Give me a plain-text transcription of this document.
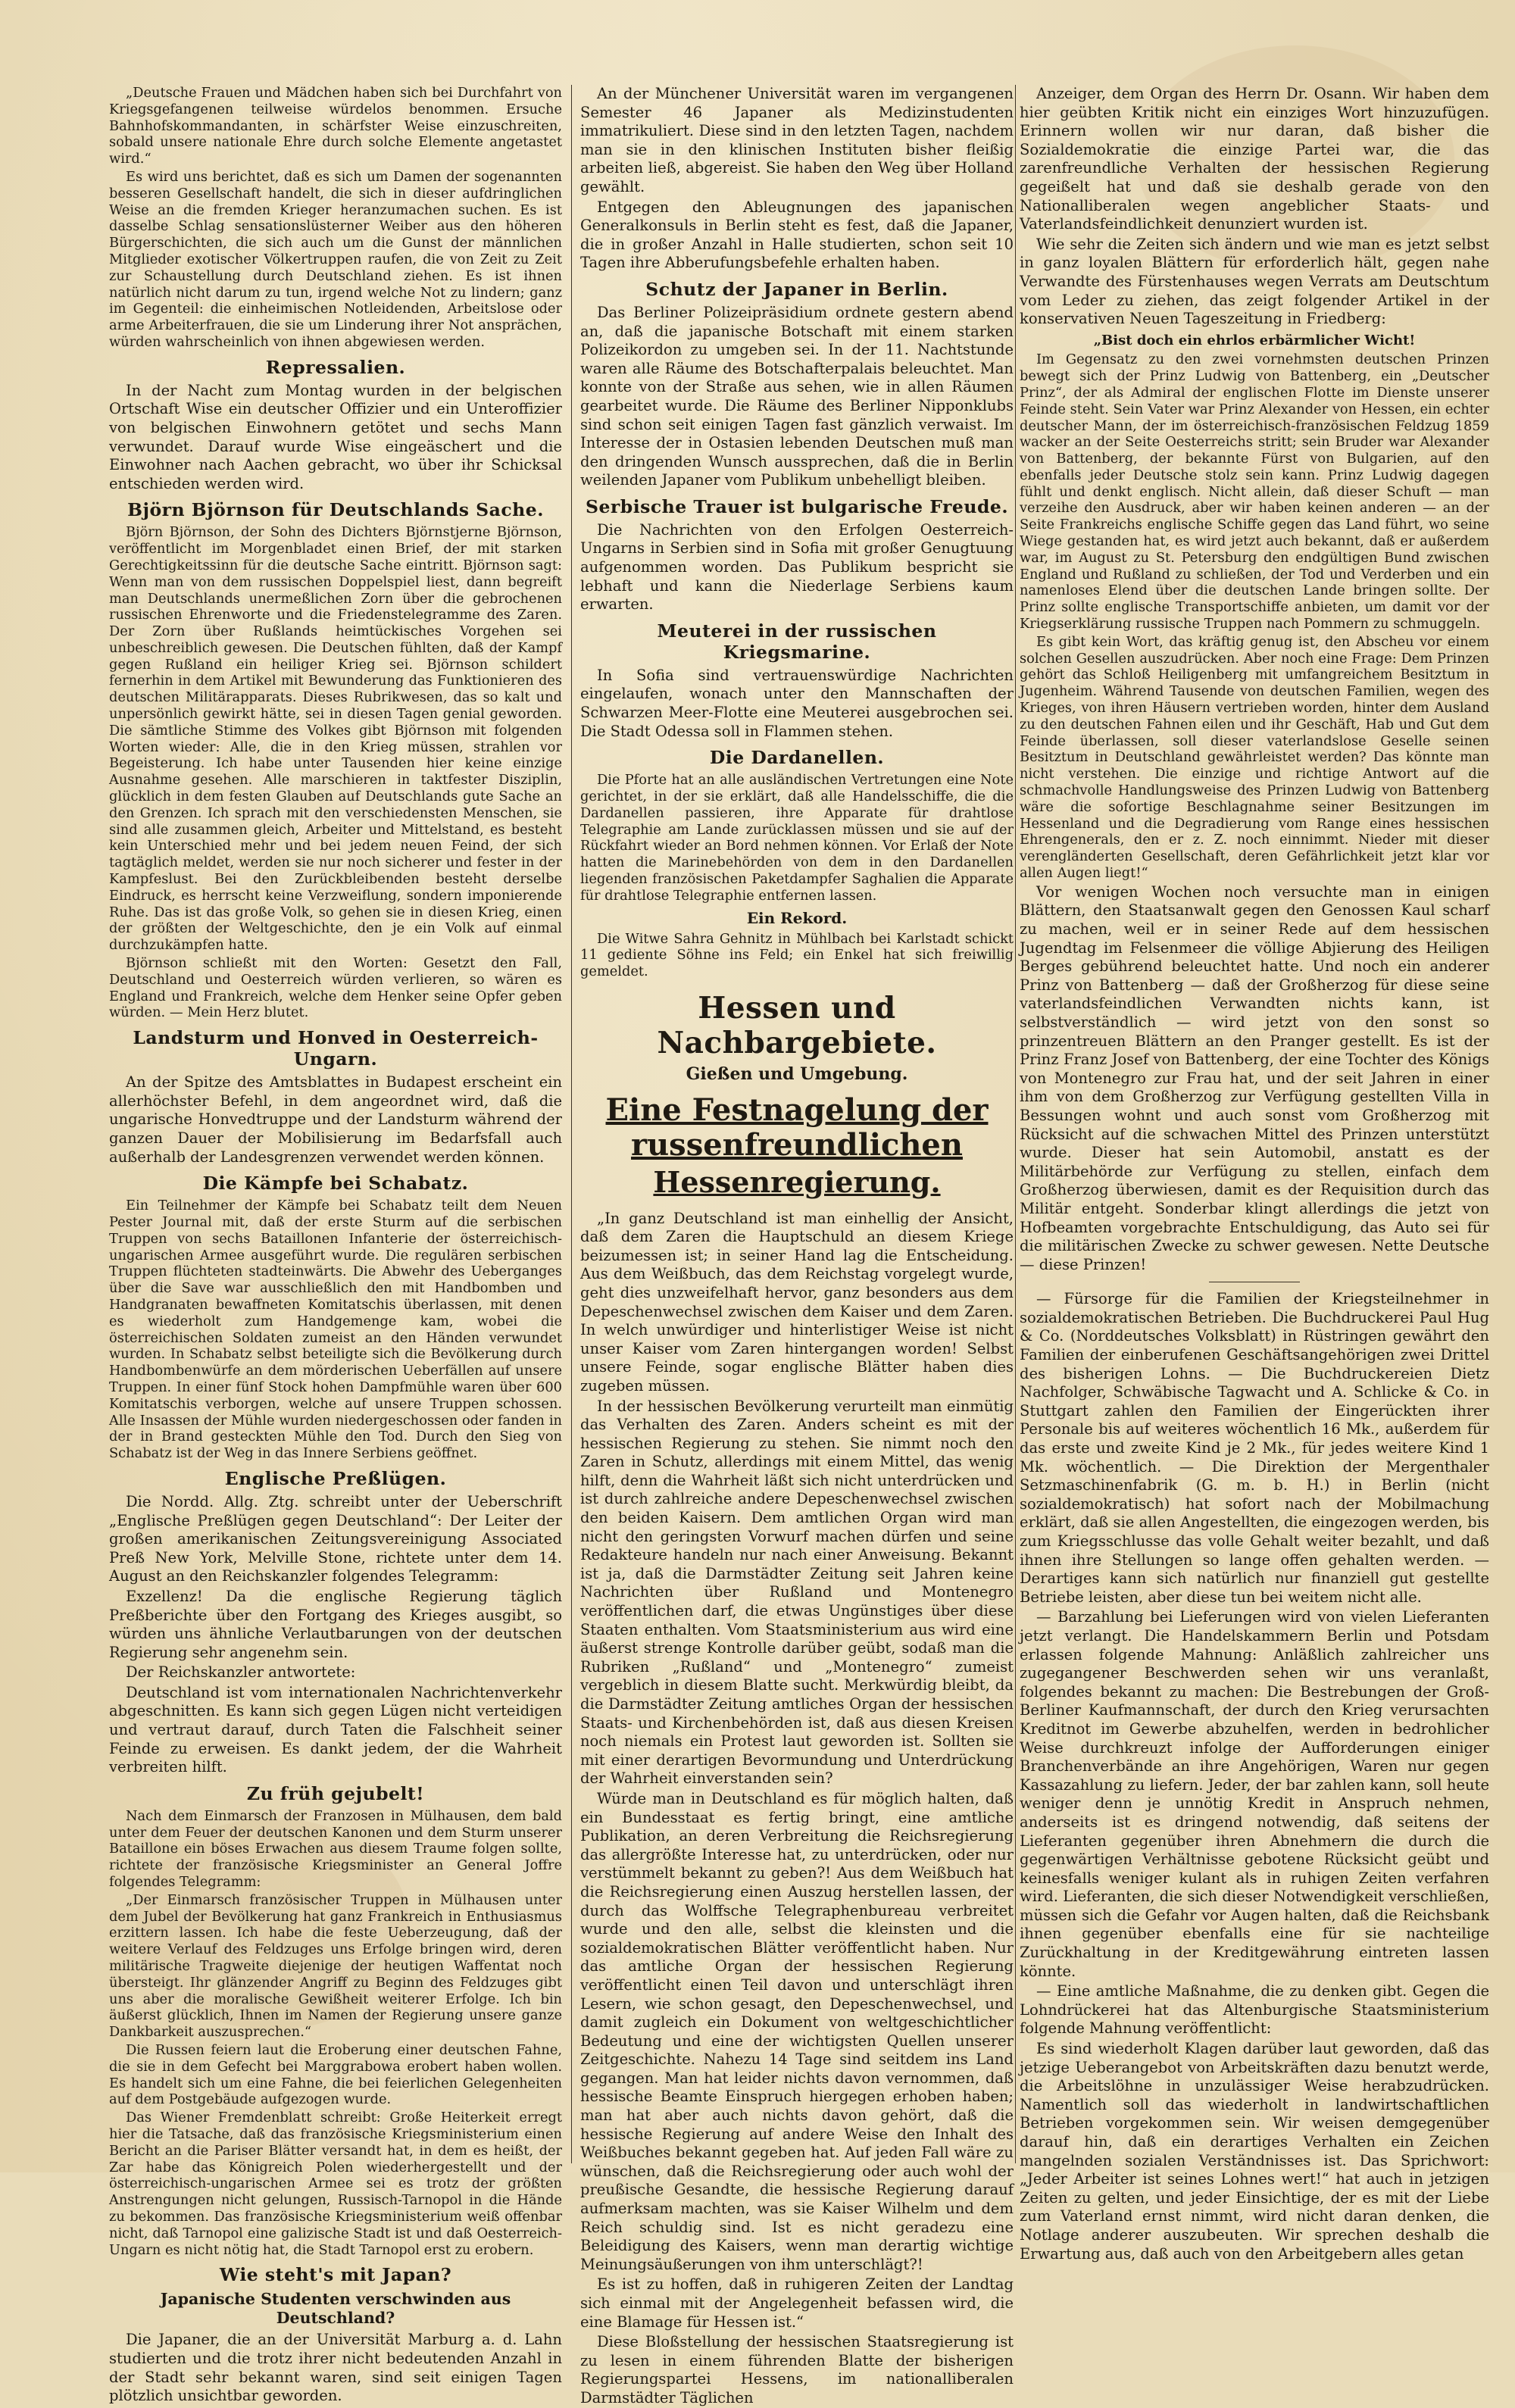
„Deutsche Frauen und Mädchen haben sich bei Durchfahrt von Kriegsgefangenen teilweise würdelos benommen. Ersuche Bahnhofskommandanten, in schärfster Weise einzuschreiten, sobald unsere nationale Ehre durch solche Elemente angetastet wird.“

Es wird uns berichtet, daß es sich um Damen der sogenannten besseren Gesellschaft handelt, die sich in dieser aufdringlichen Weise an die fremden Krieger heranzumachen suchen. Es ist dasselbe Schlag sensationslüsterner Weiber aus den höheren Bürgerschichten, die sich auch um die Gunst der männlichen Mitglieder exotischer Völkertruppen raufen, die von Zeit zu Zeit zur Schaustellung durch Deutschland ziehen. Es ist ihnen natürlich nicht darum zu tun, irgend welche Not zu lindern; ganz im Gegenteil: die einheimischen Notleidenden, Arbeitslose oder arme Arbeiterfrauen, die sie um Linderung ihrer Not ansprächen, würden wahrscheinlich von ihnen abgewiesen werden.

Repressalien.

In der Nacht zum Montag wurden in der belgischen Ortschaft Wise ein deutscher Offizier und ein Unteroffizier von belgischen Einwohnern getötet und sechs Mann verwundet. Darauf wurde Wise eingeäschert und die Einwohner nach Aachen gebracht, wo über ihr Schicksal entschieden werden wird.

Björn Björnson für Deutschlands Sache.

Björn Björnson, der Sohn des Dichters Björnstjerne Björnson, veröffentlicht im Morgenbladet einen Brief, der mit starken Gerechtigkeitssinn für die deutsche Sache eintritt. Björnson sagt: Wenn man von dem russischen Doppelspiel liest, dann begreift man Deutschlands unermeßlichen Zorn über die gebrochenen russischen Ehrenworte und die Friedenstelegramme des Zaren. Der Zorn über Rußlands heimtückisches Vorgehen sei unbeschreiblich gewesen. Die Deutschen fühlten, daß der Kampf gegen Rußland ein heiliger Krieg sei. Björnson schildert fernerhin in dem Artikel mit Bewunderung das Funktionieren des deutschen Militärapparats. Dieses Rubrikwesen, das so kalt und unpersönlich gewirkt hätte, sei in diesen Tagen genial geworden. Die sämtliche Stimme des Volkes gibt Björnson mit folgenden Worten wieder: Alle, die in den Krieg müssen, strahlen vor Begeisterung. Ich habe unter Tausenden hier keine einzige Ausnahme gesehen. Alle marschieren in taktfester Disziplin, glücklich in dem festen Glauben auf Deutschlands gute Sache an den Grenzen. Ich sprach mit den verschiedensten Menschen, sie sind alle zusammen gleich, Arbeiter und Mittelstand, es besteht kein Unterschied mehr und bei jedem neuen Feind, der sich tagtäglich meldet, werden sie nur noch sicherer und fester in der Kampfeslust. Bei den Zurückbleibenden besteht derselbe Eindruck, es herrscht keine Verzweiflung, sondern imponierende Ruhe. Das ist das große Volk, so gehen sie in diesen Krieg, einen der größten der Weltgeschichte, den je ein Volk auf einmal durchzukämpfen hatte.

Björnson schließt mit den Worten: Gesetzt den Fall, Deutschland und Oesterreich würden verlieren, so wären es England und Frankreich, welche dem Henker seine Opfer geben würden. — Mein Herz blutet.

Landsturm und Honved in Oesterreich-Ungarn.

An der Spitze des Amtsblattes in Budapest erscheint ein allerhöchster Befehl, in dem angeordnet wird, daß die ungarische Honvedtruppe und der Landsturm während der ganzen Dauer der Mobilisierung im Bedarfsfall auch außerhalb der Landesgrenzen verwendet werden können.

Die Kämpfe bei Schabatz.

Ein Teilnehmer der Kämpfe bei Schabatz teilt dem Neuen Pester Journal mit, daß der erste Sturm auf die serbischen Truppen von sechs Bataillonen Infanterie der österreichisch-ungarischen Armee ausgeführt wurde. Die regulären serbischen Truppen flüchteten stadteinwärts. Die Abwehr des Ueberganges über die Save war ausschließlich den mit Handbomben und Handgranaten bewaffneten Komitatschis überlassen, mit denen es wiederholt zum Handgemenge kam, wobei die österreichischen Soldaten zumeist an den Händen verwundet wurden. In Schabatz selbst beteiligte sich die Bevölkerung durch Handbombenwürfe an dem mörderischen Ueberfällen auf unsere Truppen. In einer fünf Stock hohen Dampfmühle waren über 600 Komitatschis verborgen, welche auf unsere Truppen schossen. Alle Insassen der Mühle wurden niedergeschossen oder fanden in der in Brand gesteckten Mühle den Tod. Durch den Sieg von Schabatz ist der Weg in das Innere Serbiens geöffnet.

Englische Preßlügen.

Die Nordd. Allg. Ztg. schreibt unter der Ueberschrift „Englische Preßlügen gegen Deutschland“: Der Leiter der großen amerikanischen Zeitungsvereinigung Associated Preß New York, Melville Stone, richtete unter dem 14. August an den Reichskanzler folgendes Telegramm:

Exzellenz! Da die englische Regierung täglich Preßberichte über den Fortgang des Krieges ausgibt, so würden uns ähnliche Verlautbarungen von der deutschen Regierung sehr angenehm sein.

Der Reichskanzler antwortete:

Deutschland ist vom internationalen Nachrichtenverkehr abgeschnitten. Es kann sich gegen Lügen nicht verteidigen und vertraut darauf, durch Taten die Falschheit seiner Feinde zu erweisen. Es dankt jedem, der die Wahrheit verbreiten hilft.

Zu früh gejubelt!

Nach dem Einmarsch der Franzosen in Mülhausen, dem bald unter dem Feuer der deutschen Kanonen und dem Sturm unserer Bataillone ein böses Erwachen aus diesem Traume folgen sollte, richtete der französische Kriegsminister an General Joffre folgendes Telegramm:

„Der Einmarsch französischer Truppen in Mülhausen unter dem Jubel der Bevölkerung hat ganz Frankreich in Enthusiasmus erzittern lassen. Ich habe die feste Ueberzeugung, daß der weitere Verlauf des Feldzuges uns Erfolge bringen wird, deren militärische Tragweite diejenige der heutigen Waffentat noch übersteigt. Ihr glänzender Angriff zu Beginn des Feldzuges gibt uns aber die moralische Gewißheit weiterer Erfolge. Ich bin äußerst glücklich, Ihnen im Namen der Regierung unsere ganze Dankbarkeit auszusprechen.“

Die Russen feiern laut die Eroberung einer deutschen Fahne, die sie in dem Gefecht bei Marggrabowa erobert haben wollen. Es handelt sich um eine Fahne, die bei feierlichen Gelegenheiten auf dem Postgebäude aufgezogen wurde.

Das Wiener Fremdenblatt schreibt: Große Heiterkeit erregt hier die Tatsache, daß das französische Kriegsministerium einen Bericht an die Pariser Blätter versandt hat, in dem es heißt, der Zar habe das Königreich Polen wiederhergestellt und der österreichisch-ungarischen Armee sei es trotz der größten Anstrengungen nicht gelungen, Russisch-Tarnopol in die Hände zu bekommen. Das französische Kriegsministerium weiß offenbar nicht, daß Tarnopol eine galizische Stadt ist und daß Oesterreich-Ungarn es nicht nötig hat, die Stadt Tarnopol erst zu erobern.

Wie steht's mit Japan?
Japanische Studenten verschwinden aus Deutschland?

Die Japaner, die an der Universität Marburg a. d. Lahn studierten und die trotz ihrer nicht bedeutenden Anzahl in der Stadt sehr bekannt waren, sind seit einigen Tagen plötzlich unsichtbar geworden.

An der Münchener Universität waren im vergangenen Semester 46 Japaner als Medizinstudenten immatrikuliert. Diese sind in den letzten Tagen, nachdem man sie in den klinischen Instituten bisher fleißig arbeiten ließ, abgereist. Sie haben den Weg über Holland gewählt.

Entgegen den Ableugnungen des japanischen Generalkonsuls in Berlin steht es fest, daß die Japaner, die in großer Anzahl in Halle studierten, schon seit 10 Tagen ihre Abberufungsbefehle erhalten haben.

Schutz der Japaner in Berlin.

Das Berliner Polizeipräsidium ordnete gestern abend an, daß die japanische Botschaft mit einem starken Polizeikordon zu umgeben sei. In der 11. Nachtstunde waren alle Räume des Botschafterpalais beleuchtet. Man konnte von der Straße aus sehen, wie in allen Räumen gearbeitet wurde. Die Räume des Berliner Nipponklubs sind schon seit einigen Tagen fast gänzlich verwaist. Im Interesse der in Ostasien lebenden Deutschen muß man den dringenden Wunsch aussprechen, daß die in Berlin weilenden Japaner vom Publikum unbehelligt bleiben.

Serbische Trauer ist bulgarische Freude.

Die Nachrichten von den Erfolgen Oesterreich-Ungarns in Serbien sind in Sofia mit großer Genugtuung aufgenommen worden. Das Publikum bespricht sie lebhaft und kann die Niederlage Serbiens kaum erwarten.

Meuterei in der russischen Kriegsmarine.

In Sofia sind vertrauenswürdige Nachrichten eingelaufen, wonach unter den Mannschaften der Schwarzen Meer-Flotte eine Meuterei ausgebrochen sei. Die Stadt Odessa soll in Flammen stehen.

Die Dardanellen.

Die Pforte hat an alle ausländischen Vertretungen eine Note gerichtet, in der sie erklärt, daß alle Handelsschiffe, die die Dardanellen passieren, ihre Apparate für drahtlose Telegraphie am Lande zurücklassen müssen und sie auf der Rückfahrt wieder an Bord nehmen können. Vor Erlaß der Note hatten die Marinebehörden von dem in den Dardanellen liegenden französischen Paketdampfer Saghalien die Apparate für drahtlose Telegraphie entfernen lassen.

Ein Rekord.

Die Witwe Sahra Gehnitz in Mühlbach bei Karlstadt schickt 11 gediente Söhne ins Feld; ein Enkel hat sich freiwillig gemeldet.

Hessen und Nachbargebiete.
Gießen und Umgebung.
Eine Festnagelung der russenfreundlichen
Hessenregierung.

„In ganz Deutschland ist man einhellig der Ansicht, daß dem Zaren die Hauptschuld an diesem Kriege beizumessen ist; in seiner Hand lag die Entscheidung. Aus dem Weißbuch, das dem Reichstag vorgelegt wurde, geht dies unzweifelhaft hervor, ganz besonders aus dem Depeschenwechsel zwischen dem Kaiser und dem Zaren. In welch unwürdiger und hinterlistiger Weise ist nicht unser Kaiser vom Zaren hintergangen worden! Selbst unsere Feinde, sogar englische Blätter haben dies zugeben müssen.

In der hessischen Bevölkerung verurteilt man einmütig das Verhalten des Zaren. Anders scheint es mit der hessischen Regierung zu stehen. Sie nimmt noch den Zaren in Schutz, allerdings mit einem Mittel, das wenig hilft, denn die Wahrheit läßt sich nicht unterdrücken und ist durch zahlreiche andere Depeschenwechsel zwischen den beiden Kaisern. Dem amtlichen Organ wird man nicht den geringsten Vorwurf machen dürfen und seine Redakteure handeln nur nach einer Anweisung. Bekannt ist ja, daß die Darmstädter Zeitung seit Jahren keine Nachrichten über Rußland und Montenegro veröffentlichen darf, die etwas Ungünstiges über diese Staaten enthalten. Vom Staatsministerium aus wird eine äußerst strenge Kontrolle darüber geübt, sodaß man die Rubriken „Rußland“ und „Montenegro“ zumeist vergeblich in diesem Blatte sucht. Merkwürdig bleibt, da die Darmstädter Zeitung amtliches Organ der hessischen Staats- und Kirchenbehörden ist, daß aus diesen Kreisen noch niemals ein Protest laut geworden ist. Sollten sie mit einer derartigen Bevormundung und Unterdrückung der Wahrheit einverstanden sein?

Würde man in Deutschland es für möglich halten, daß ein Bundesstaat es fertig bringt, eine amtliche Publikation, an deren Verbreitung die Reichsregierung das allergrößte Interesse hat, zu unterdrücken, oder nur verstümmelt bekannt zu geben?! Aus dem Weißbuch hat die Reichsregierung einen Auszug herstellen lassen, der durch das Wolffsche Telegraphenbureau verbreitet wurde und den alle, selbst die kleinsten und die sozialdemokratischen Blätter veröffentlicht haben. Nur das amtliche Organ der hessischen Regierung veröffentlicht einen Teil davon und unterschlägt ihren Lesern, wie schon gesagt, den Depeschenwechsel, und damit zugleich ein Dokument von weltgeschichtlicher Bedeutung und eine der wichtigsten Quellen unserer Zeitgeschichte. Nahezu 14 Tage sind seitdem ins Land gegangen. Man hat leider nichts davon vernommen, daß hessische Beamte Einspruch hiergegen erhoben haben; man hat aber auch nichts davon gehört, daß die hessische Regierung auf andere Weise den Inhalt des Weißbuches bekannt gegeben hat. Auf jeden Fall wäre zu wünschen, daß die Reichsregierung oder auch wohl der preußische Gesandte, die hessische Regierung darauf aufmerksam machten, was sie Kaiser Wilhelm und dem Reich schuldig sind. Ist es nicht geradezu eine Beleidigung des Kaisers, wenn man derartig wichtige Meinungsäußerungen von ihm unterschlägt?!

Es ist zu hoffen, daß in ruhigeren Zeiten der Landtag sich einmal mit der Angelegenheit befassen wird, die eine Blamage für Hessen ist.“

Diese Bloßstellung der hessischen Staatsregierung ist zu lesen in einem führenden Blatte der bisherigen Regierungspartei Hessens, im nationalliberalen Darmstädter Täglichen

Anzeiger, dem Organ des Herrn Dr. Osann. Wir haben dem hier geübten Kritik nicht ein einziges Wort hinzuzufügen. Erinnern wollen wir nur daran, daß bisher die Sozialdemokratie die einzige Partei war, die das zarenfreundliche Verhalten der hessischen Regierung gegeißelt hat und daß sie deshalb gerade von den Nationalliberalen wegen angeblicher Staats- und Vaterlandsfeindlichkeit denunziert wurden ist.

Wie sehr die Zeiten sich ändern und wie man es jetzt selbst in ganz loyalen Blättern für erforderlich hält, gegen nahe Verwandte des Fürstenhauses wegen Verrats am Deutschtum vom Leder zu ziehen, das zeigt folgender Artikel in der konservativen Neuen Tageszeitung in Friedberg:

„Bist doch ein ehrlos erbärmlicher Wicht!

Im Gegensatz zu den zwei vornehmsten deutschen Prinzen bewegt sich der Prinz Ludwig von Battenberg, ein „Deutscher Prinz“, der als Admiral der englischen Flotte im Dienste unserer Feinde steht. Sein Vater war Prinz Alexander von Hessen, ein echter deutscher Mann, der im österreichisch-französischen Feldzug 1859 wacker an der Seite Oesterreichs stritt; sein Bruder war Alexander von Battenberg, der bekannte Fürst von Bulgarien, auf den ebenfalls jeder Deutsche stolz sein kann. Prinz Ludwig dagegen fühlt und denkt englisch. Nicht allein, daß dieser Schuft — man verzeihe den Ausdruck, aber wir haben keinen anderen — an der Seite Frankreichs englische Schiffe gegen das Land führt, wo seine Wiege gestanden hat, es wird jetzt auch bekannt, daß er außerdem war, im August zu St. Petersburg den endgültigen Bund zwischen England und Rußland zu schließen, der Tod und Verderben und ein namenloses Elend über die deutschen Lande bringen sollte. Der Prinz sollte englische Transportschiffe anbieten, um damit vor der Kriegserklärung russische Truppen nach Pommern zu schmuggeln.

Es gibt kein Wort, das kräftig genug ist, den Abscheu vor einem solchen Gesellen auszudrücken. Aber noch eine Frage: Dem Prinzen gehört das Schloß Heiligenberg mit umfangreichem Besitztum in Jugenheim. Während Tausende von deutschen Familien, wegen des Krieges, von ihren Häusern vertrieben worden, hinter dem Ausland zu den deutschen Fahnen eilen und ihr Geschäft, Hab und Gut dem Feinde überlassen, soll dieser vaterlandslose Geselle seinen Besitztum in Deutschland gewährleistet werden? Das könnte man nicht verstehen. Die einzige und richtige Antwort auf die schmachvolle Handlungsweise des Prinzen Ludwig von Battenberg wäre die sofortige Beschlagnahme seiner Besitzungen im Hessenland und die Degradierung vom Range eines hessischen Ehrengenerals, den er z. Z. noch einnimmt. Nieder mit dieser verengländerten Gesellschaft, deren Gefährlichkeit jetzt klar vor allen Augen liegt!“

Vor wenigen Wochen noch versuchte man in einigen Blättern, den Staatsanwalt gegen den Genossen Kaul scharf zu machen, weil er in seiner Rede auf dem hessischen Jugendtag im Felsenmeer die völlige Abjierung des Heiligen Berges gebührend beleuchtet hatte. Und noch ein anderer Prinz von Battenberg — daß der Großherzog für diese seine vaterlandsfeindlichen Verwandten nichts kann, ist selbstverständlich — wird jetzt von den sonst so prinzentreuen Blättern an den Pranger gestellt. Es ist der Prinz Franz Josef von Battenberg, der eine Tochter des Königs von Montenegro zur Frau hat, und der seit Jahren in einer ihm von dem Großherzog zur Verfügung gestellten Villa in Bessungen wohnt und auch sonst vom Großherzog mit Rücksicht auf die schwachen Mittel des Prinzen unterstützt wurde. Dieser hat sein Automobil, anstatt es der Militärbehörde zur Verfügung zu stellen, einfach dem Großherzog überwiesen, damit es der Requisition durch das Militär entgeht. Sonderbar klingt allerdings die jetzt von Hofbeamten vorgebrachte Entschuldigung, das Auto sei für die militärischen Zwecke zu schwer gewesen. Nette Deutsche — diese Prinzen!

— Fürsorge für die Familien der Kriegsteilnehmer in sozialdemokratischen Betrieben. Die Buchdruckerei Paul Hug & Co. (Norddeutsches Volksblatt) in Rüstringen gewährt den Familien der einberufenen Geschäftsangehörigen zwei Drittel des bisherigen Lohns. — Die Buchdruckereien Dietz Nachfolger, Schwäbische Tagwacht und A. Schlicke & Co. in Stuttgart zahlen den Familien der Eingerückten ihrer Personale bis auf weiteres wöchentlich 16 Mk., außerdem für das erste und zweite Kind je 2 Mk., für jedes weitere Kind 1 Mk. wöchentlich. — Die Direktion der Mergenthaler Setzmaschinenfabrik (G. m. b. H.) in Berlin (nicht sozialdemokratisch) hat sofort nach der Mobilmachung erklärt, daß sie allen Angestellten, die eingezogen werden, bis zum Kriegsschlusse das volle Gehalt weiter bezahlt, und daß ihnen ihre Stellungen so lange offen gehalten werden. — Derartiges kann sich natürlich nur finanziell gut gestellte Betriebe leisten, aber diese tun bei weitem nicht alle.

— Barzahlung bei Lieferungen wird von vielen Lieferanten jetzt verlangt. Die Handelskammern Berlin und Potsdam erlassen folgende Mahnung: Anläßlich zahlreicher uns zugegangener Beschwerden sehen wir uns veranlaßt, folgendes bekannt zu machen: Die Bestrebungen der Groß-Berliner Kaufmannschaft, der durch den Krieg verursachten Kreditnot im Gewerbe abzuhelfen, werden in bedrohlicher Weise durchkreuzt infolge der Aufforderungen einiger Branchenverbände an ihre Angehörigen, Waren nur gegen Kassazahlung zu liefern. Jeder, der bar zahlen kann, soll heute weniger denn je unnötig Kredit in Anspruch nehmen, anderseits ist es dringend notwendig, daß seitens der Lieferanten gegenüber ihren Abnehmern die durch die gegenwärtigen Verhältnisse gebotene Rücksicht geübt und keinesfalls weniger kulant als in ruhigen Zeiten verfahren wird. Lieferanten, die sich dieser Notwendigkeit verschließen, müssen sich die Gefahr vor Augen halten, daß die Reichsbank ihnen gegenüber ebenfalls eine für sie nachteilige Zurückhaltung in der Kreditgewährung eintreten lassen könnte.

— Eine amtliche Maßnahme, die zu denken gibt. Gegen die Lohndrückerei hat das Altenburgische Staatsministerium folgende Mahnung veröffentlicht:

Es sind wiederholt Klagen darüber laut geworden, daß das jetzige Ueberangebot von Arbeitskräften dazu benutzt werde, die Arbeitslöhne in unzulässiger Weise herabzudrücken. Namentlich soll das wiederholt in landwirtschaftlichen Betrieben vorgekommen sein. Wir weisen demgegenüber darauf hin, daß ein derartiges Verhalten ein Zeichen mangelnden sozialen Verständnisses ist. Das Sprichwort: „Jeder Arbeiter ist seines Lohnes wert!“ hat auch in jetzigen Zeiten zu gelten, und jeder Einsichtige, der es mit der Liebe zum Vaterland ernst nimmt, wird nicht daran denken, die Notlage anderer auszubeuten. Wir sprechen deshalb die Erwartung aus, daß auch von den Arbeitgebern alles getan
